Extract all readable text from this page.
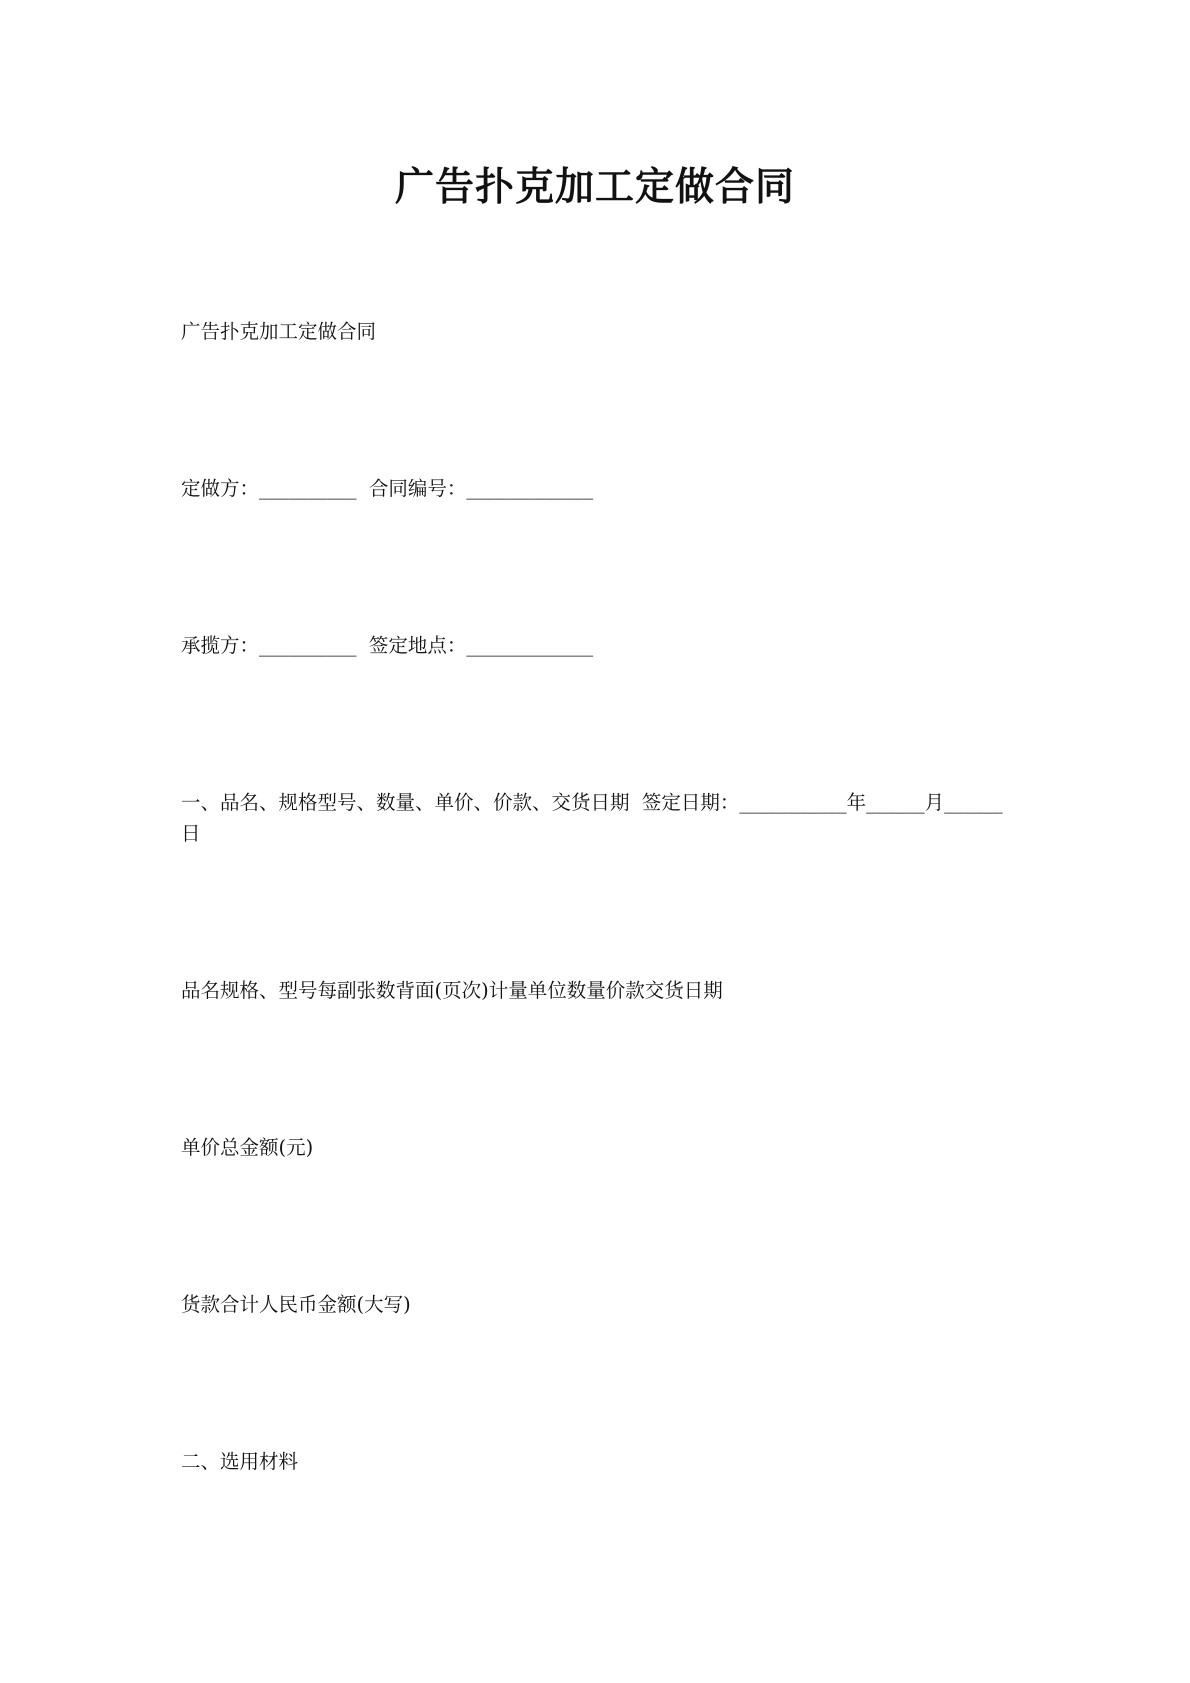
广告扑克加工定做合同
广告扑克加工定做合同
定做方：__________  合同编号：_____________
承揽方：__________  签定地点：_____________
一、品名、规格型号、数量、单价、价款、交货日期  签定日期：___________年______月______日
品名规格、型号每副张数背面(页次)计量单位数量价款交货日期
单价总金额(元)
货款合计人民币金额(大写)
二、选用材料
